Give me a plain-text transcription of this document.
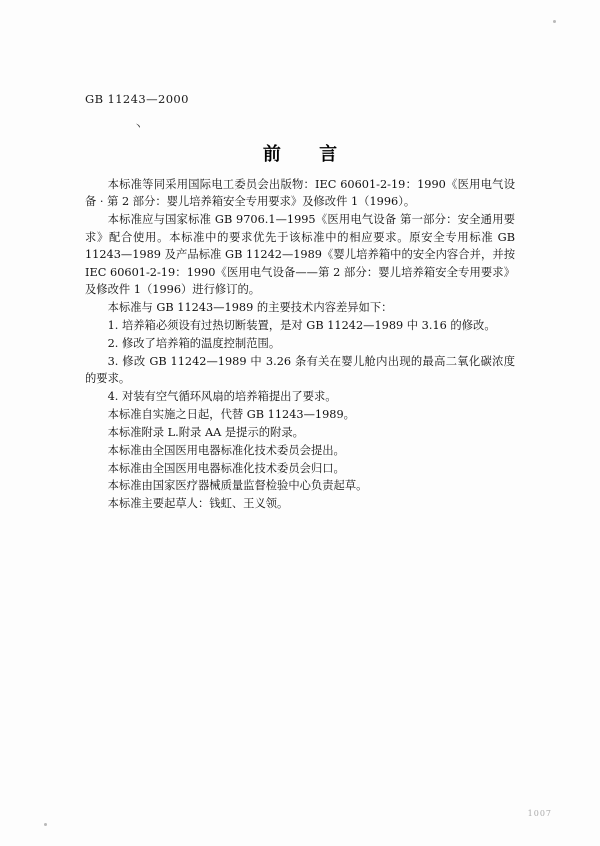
GB 11243—2000
丶
前 言

本标准等同采用国际电工委员会出版物：IEC 60601-2-19：1990《医用电气设备 · 第 2 部分：婴儿培养箱安全专用要求》及修改件 1（1996）。

本标准应与国家标准 GB 9706.1—1995《医用电气设备 第一部分：安全通用要求》配合使用。本标准中的要求优先于该标准中的相应要求。原安全专用标准 GB 11243—1989 及产品标准 GB 11242—1989《婴儿培养箱中的安全内容合并，并按 IEC 60601-2-19：1990《医用电气设备——第 2 部分：婴儿培养箱安全专用要求》及修改件 1（1996）进行修订的。

本标准与 GB 11243—1989 的主要技术内容差异如下：

1. 培养箱必须设有过热切断装置，是对 GB 11242—1989 中 3.16 的修改。

2. 修改了培养箱的温度控制范围。

3. 修改 GB 11242—1989 中 3.26 条有关在婴儿舱内出现的最高二氧化碳浓度的要求。

4. 对装有空气循环风扇的培养箱提出了要求。

本标准自实施之日起，代替 GB 11243—1989。

本标准附录 L.附录 AA 是提示的附录。

本标准由全国医用电器标准化技术委员会提出。

本标准由全国医用电器标准化技术委员会归口。

本标准由国家医疗器械质量监督检验中心负责起草。

本标准主要起草人：钱虹、王义领。

1007
